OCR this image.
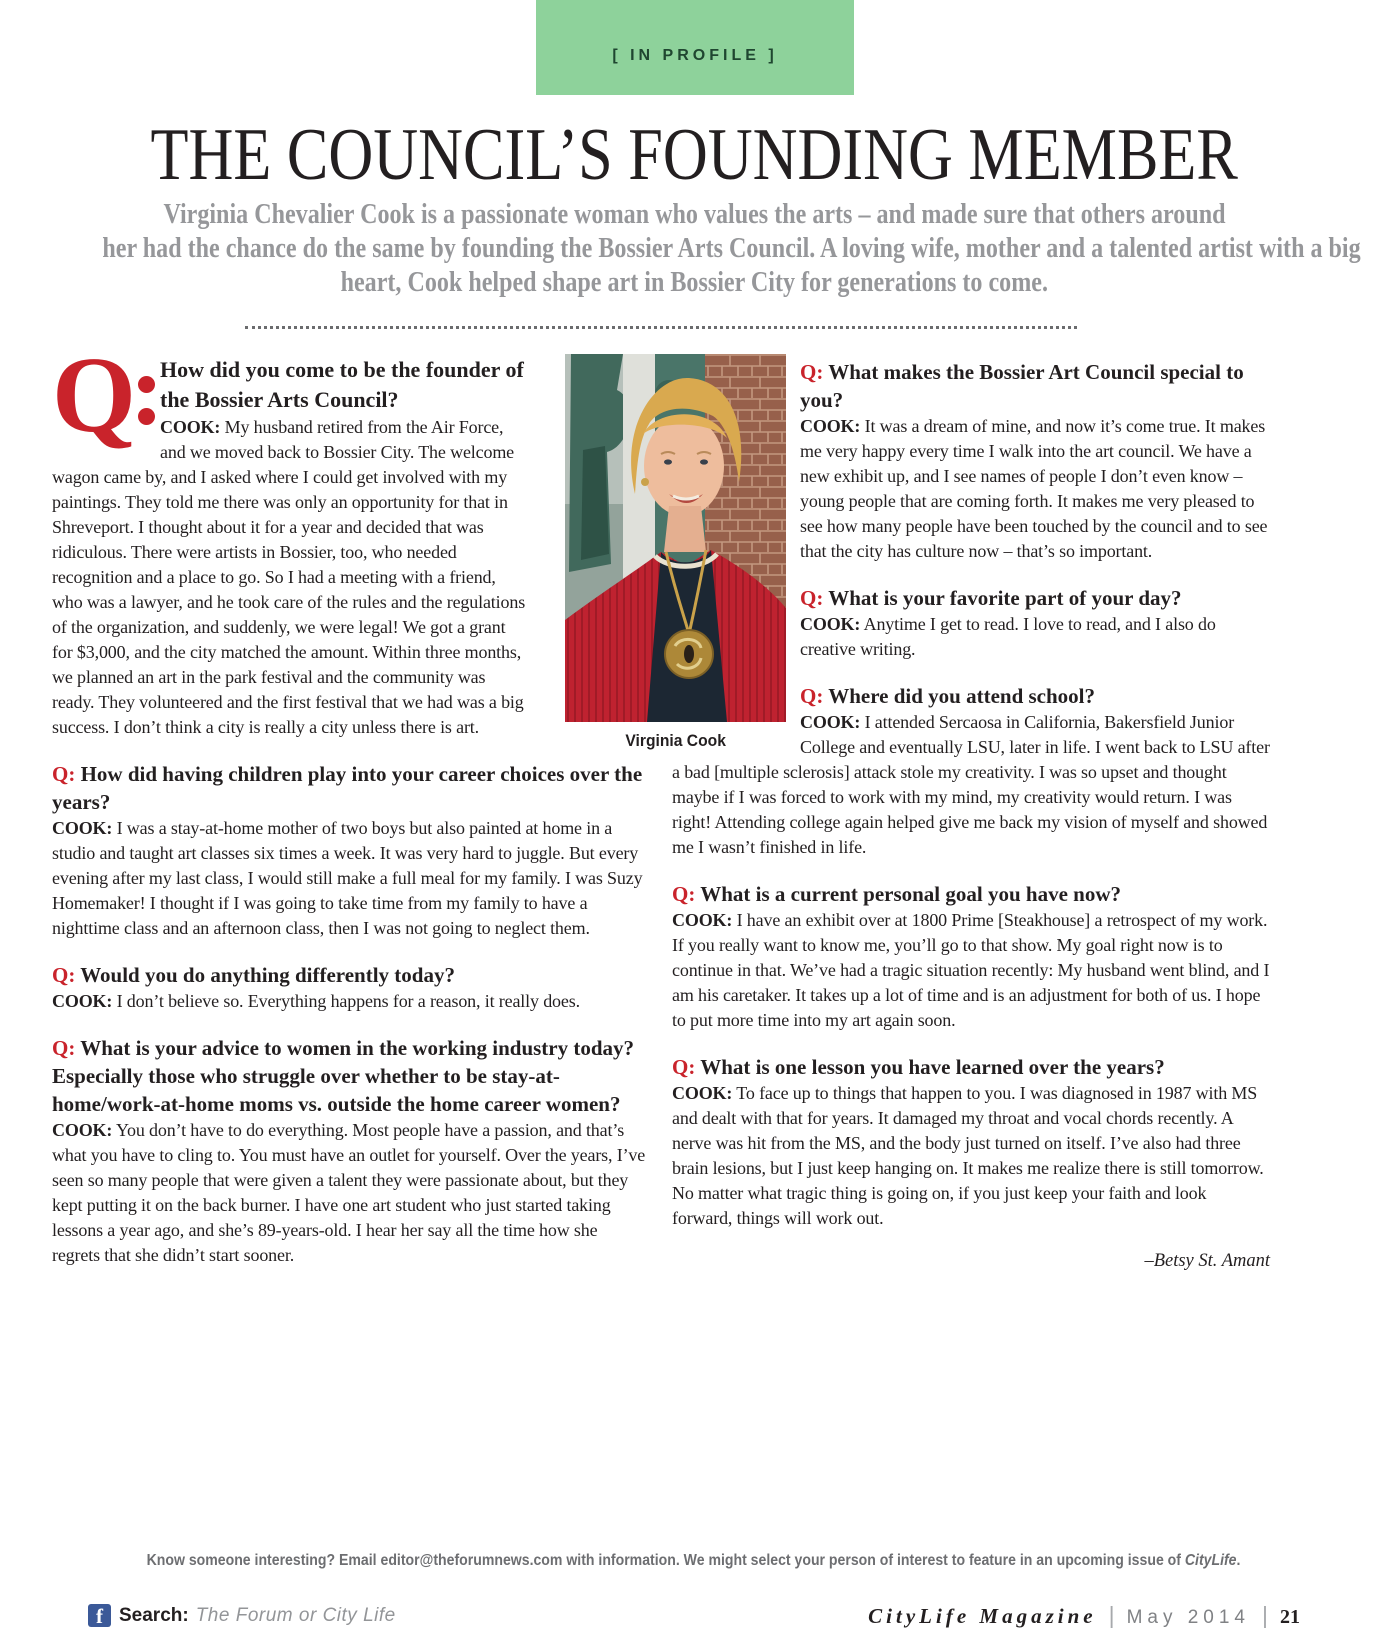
[ IN PROFILE ]
THE COUNCIL’S FOUNDING MEMBER
Virginia Chevalier Cook is a passionate woman who values the arts – and made sure that others around
her had the chance do the same by founding the Bossier Arts Council. A loving wife, mother and a talented artist with a big
heart, Cook helped shape art in Bossier City for generations to come.
Q	How did you come to be the founder of the Bossier Arts Council?

COOK: My husband retired from the Air Force, and we moved back to Bossier City. The welcome wagon came by, and I asked where I could get involved with my paintings. They told me there was only an opportunity for that in Shreveport. I thought about it for a year and decided that was ridiculous. There were artists in Bossier, too, who needed recognition and a place to go. So I had a meeting with a friend, who was a lawyer, and he took care of the rules and the regulations of the organization, and suddenly, we were legal! We got a grant for $3,000, and the city matched the amount. Within three months, we planned an art in the park festival and the community was ready. They volunteered and the first festival that we had was a big success. I don’t think a city is really a city unless there is art.

Q: How did having children play into your career choices over the years?

COOK: I was a stay-at-home mother of two boys but also painted at home in a studio and taught art classes six times a week. It was very hard to juggle. But every evening after my last class, I would still make a full meal for my family. I was Suzy Homemaker! I thought if I was going to take time from my family to have a nighttime class and an afternoon class, then I was not going to neglect them.

Q: Would you do anything differently today?

COOK: I don’t believe so. Everything happens for a reason, it really does.

Q: What is your advice to women in the working industry today? Especially those who struggle over whether to be stay-at-home/work-at-home moms vs. outside the home career women?

COOK: You don’t have to do everything. Most people have a passion, and that’s what you have to cling to. You must have an outlet for yourself. Over the years, I’ve seen so many people that were given a talent they were passionate about, but they kept putting it on the back burner. I have one art student who just started taking lessons a year ago, and she’s 89-years-old. I hear her say all the time how she regrets that she didn’t start sooner.

Virginia Cook
Q: What makes the Bossier Art Council special to you?

COOK: It was a dream of mine, and now it’s come true. It makes me very happy every time I walk into the art council. We have a new exhibit up, and I see names of people I don’t even know – young people that are coming forth. It makes me very pleased to see how many people have been touched by the council and to see that the city has culture now – that’s so important.

Q: What is your favorite part of your day?

COOK: Anytime I get to read. I love to read, and I also do creative writing.

Q: Where did you attend school?

COOK: I attended Sercaosa in California, Bakersfield Junior College and eventually LSU, later in life. I went back to LSU after a bad [multiple sclerosis] attack stole my creativity. I was so upset and thought maybe if I was forced to work with my mind, my creativity would return. I was right! Attending college again helped give me back my vision of myself and showed me I wasn’t finished in life.

Q: What is a current personal goal you have now?

COOK: I have an exhibit over at 1800 Prime [Steakhouse] a retrospect of my work. If you really want to know me, you’ll go to that show. My goal right now is to continue in that. We’ve had a tragic situation recently: My husband went blind, and I am his caretaker. It takes up a lot of time and is an adjustment for both of us. I hope to put more time into my art again soon.

Q: What is one lesson you have learned over the years?

COOK: To face up to things that happen to you. I was diagnosed in 1987 with MS and dealt with that for years. It damaged my throat and vocal chords recently. A nerve was hit from the MS, and the body just turned on itself. I’ve also had three brain lesions, but I just keep hanging on. It makes me realize there is still tomorrow. No matter what tragic thing is going on, if you just keep your faith and look forward, things will work out.

–Betsy St. Amant
Know someone interesting? Email editor@theforumnews.com with information. We might select your person of interest to feature in an upcoming issue of CityLife.
f Search: The Forum or City Life	CityLife Magazine | May 2014 | 21
